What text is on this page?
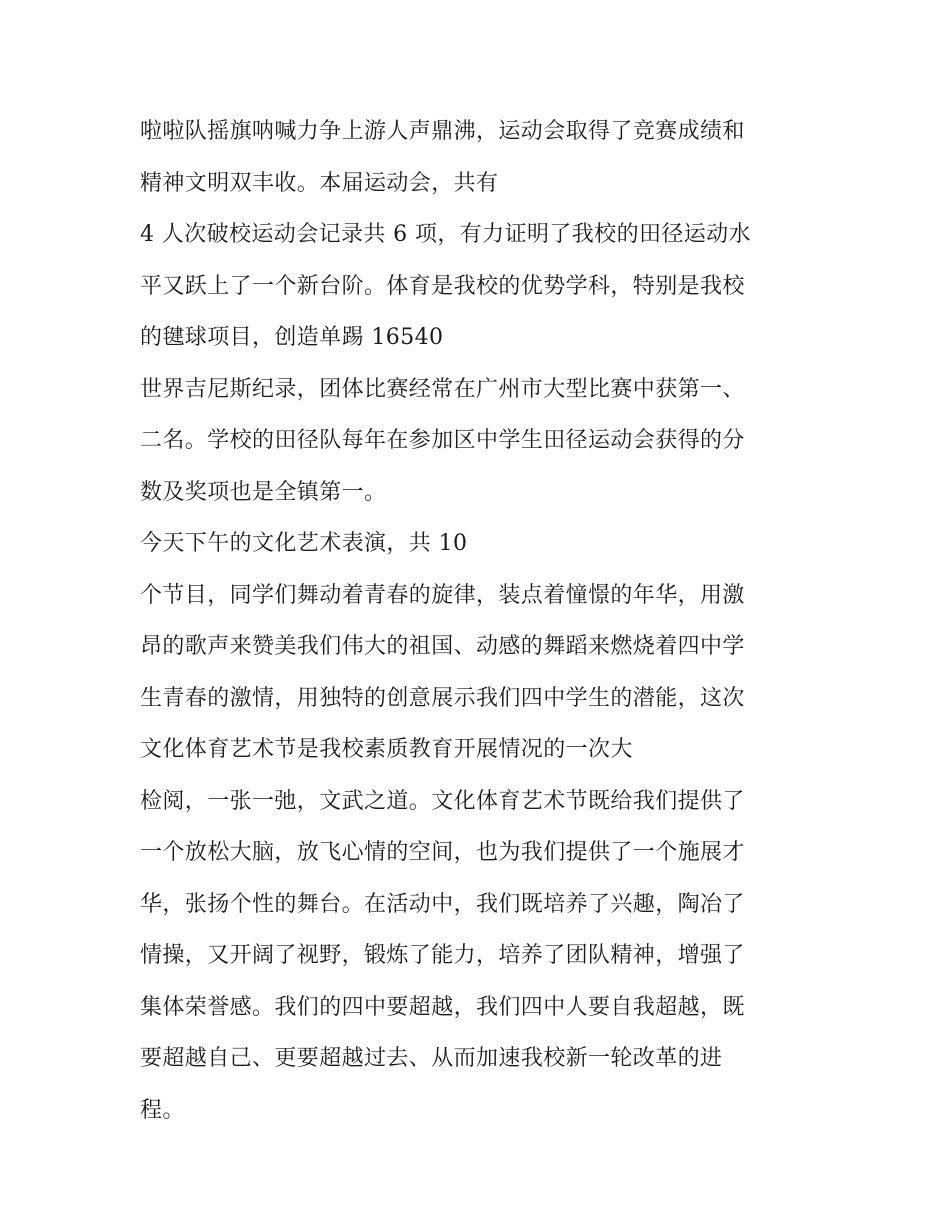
啦啦队摇旗呐喊力争上游人声鼎沸，运动会取得了竞赛成绩和
精神文明双丰收。本届运动会，共有
4 人次破校运动会记录共 6 项，有力证明了我校的田径运动水
平又跃上了一个新台阶。体育是我校的优势学科，特别是我校
的毽球项目，创造单踢 16540
世界吉尼斯纪录，团体比赛经常在广州市大型比赛中获第一、
二名。学校的田径队每年在参加区中学生田径运动会获得的分
数及奖项也是全镇第一。
今天下午的文化艺术表演，共 10
个节目，同学们舞动着青春的旋律，装点着憧憬的年华，用激
昂的歌声来赞美我们伟大的祖国、动感的舞蹈来燃烧着四中学
生青春的激情，用独特的创意展示我们四中学生的潜能，这次
文化体育艺术节是我校素质教育开展情况的一次大
检阅，一张一弛，文武之道。文化体育艺术节既给我们提供了
一个放松大脑，放飞心情的空间，也为我们提供了一个施展才
华，张扬个性的舞台。在活动中，我们既培养了兴趣，陶冶了
情操，又开阔了视野，锻炼了能力，培养了团队精神，增强了
集体荣誉感。我们的四中要超越，我们四中人要自我超越，既
要超越自己、更要超越过去、从而加速我校新一轮改革的进
程。
